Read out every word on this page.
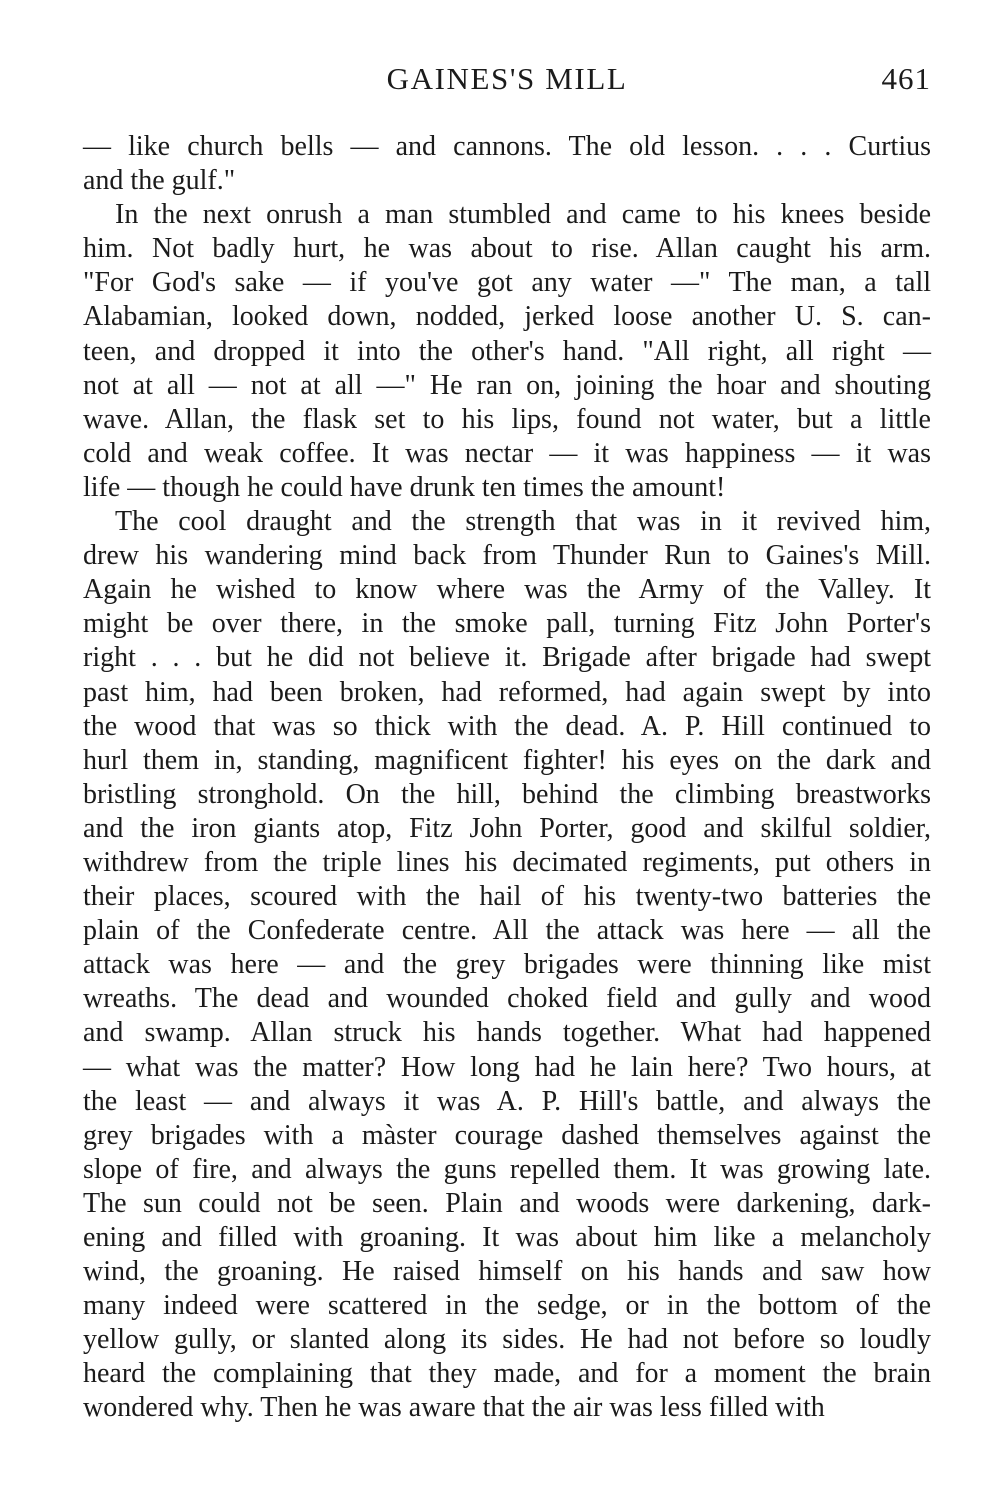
GAINES'S MILL	461
— like church bells — and cannons. The old lesson. . . . Curtius
and the gulf."
In the next onrush a man stumbled and came to his knees beside
him. Not badly hurt, he was about to rise. Allan caught his arm.
"For God's sake — if you've got any water —" The man, a tall
Alabamian, looked down, nodded, jerked loose another U. S. can-
teen, and dropped it into the other's hand. "All right, all right —
not at all — not at all —" He ran on, joining the hoar and shouting
wave. Allan, the flask set to his lips, found not water, but a little
cold and weak coffee. It was nectar — it was happiness — it was
life — though he could have drunk ten times the amount!
The cool draught and the strength that was in it revived him,
drew his wandering mind back from Thunder Run to Gaines's Mill.
Again he wished to know where was the Army of the Valley. It
might be over there, in the smoke pall, turning Fitz John Porter's
right . . . but he did not believe it. Brigade after brigade had swept
past him, had been broken, had reformed, had again swept by into
the wood that was so thick with the dead. A. P. Hill continued to
hurl them in, standing, magnificent fighter! his eyes on the dark and
bristling stronghold. On the hill, behind the climbing breastworks
and the iron giants atop, Fitz John Porter, good and skilful soldier,
withdrew from the triple lines his decimated regiments, put others in
their places, scoured with the hail of his twenty-two batteries the
plain of the Confederate centre. All the attack was here — all the
attack was here — and the grey brigades were thinning like mist
wreaths. The dead and wounded choked field and gully and wood
and swamp. Allan struck his hands together. What had happened
— what was the matter? How long had he lain here? Two hours, at
the least — and always it was A. P. Hill's battle, and always the
grey brigades with a màster courage dashed themselves against the
slope of fire, and always the guns repelled them. It was growing late.
The sun could not be seen. Plain and woods were darkening, dark-
ening and filled with groaning. It was about him like a melancholy
wind, the groaning. He raised himself on his hands and saw how
many indeed were scattered in the sedge, or in the bottom of the
yellow gully, or slanted along its sides. He had not before so loudly
heard the complaining that they made, and for a moment the brain
wondered why. Then he was aware that the air was less filled with
